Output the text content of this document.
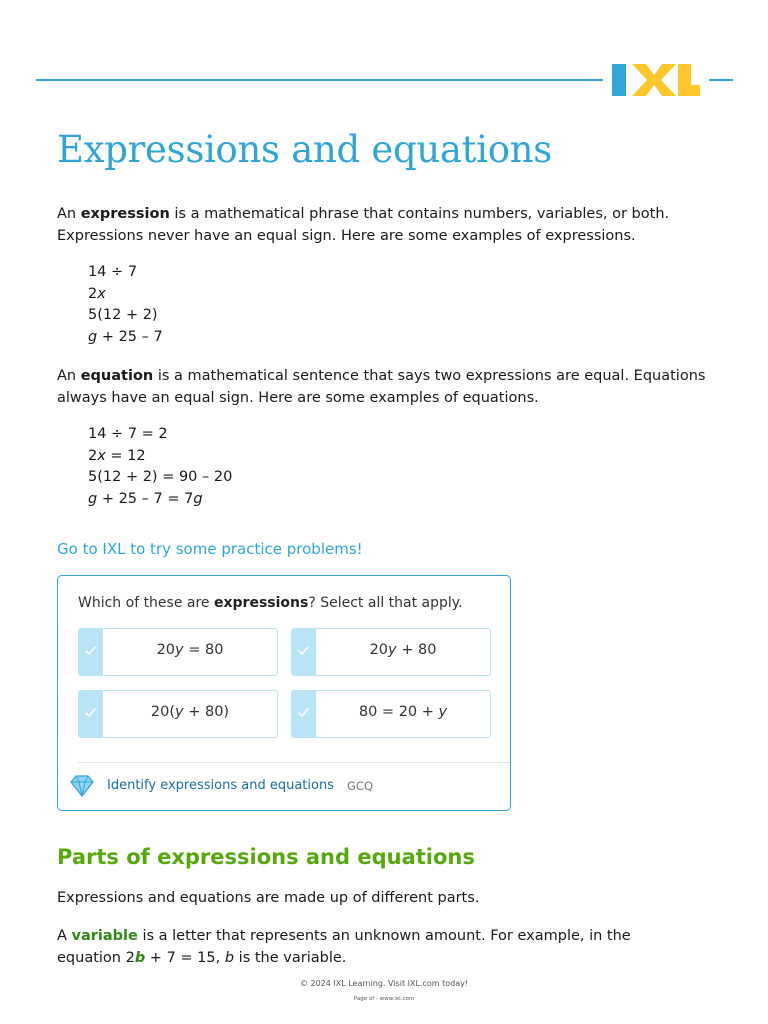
Expressions and equations

An expression is a mathematical phrase that contains numbers, variables, or both. Expressions never have an equal sign. Here are some examples of expressions.

14 ÷ 7
2x
5(12 + 2)
g + 25 – 7

An equation is a mathematical sentence that says two expressions are equal. Equations always have an equal sign. Here are some examples of equations.

14 ÷ 7 = 2
2x = 12
5(12 + 2) = 90 – 20
g + 25 – 7 = 7g
Go to IXL to try some practice problems!
Which of these are expressions? Select all that apply.
20y = 80	20y + 80
20(y + 80)	80 = 20 + y
Identify expressions and equations GCQ
Parts of expressions and equations

Expressions and equations are made up of different parts.

A variable is a letter that represents an unknown amount. For example, in the equation 2b + 7 = 15, b is the variable.

© 2024 IXL Learning. Visit IXL.com today!
Page of - www.ixl.com
